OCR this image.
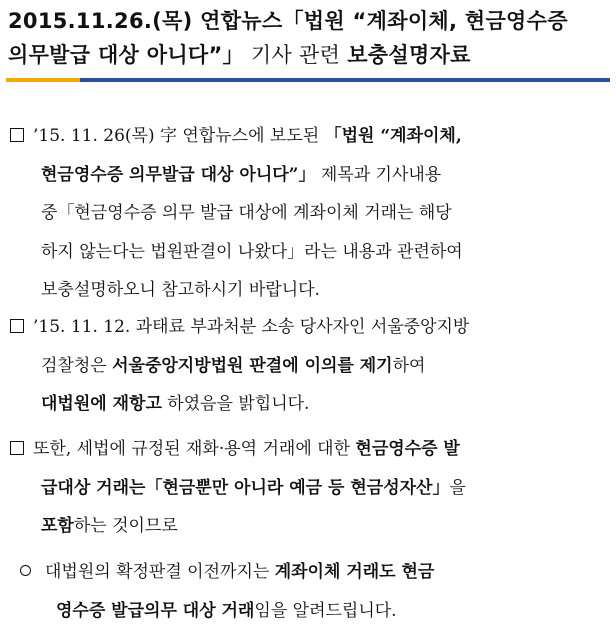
2015.11.26.(목) 연합뉴스「법원 “계좌이체, 현금영수증
의무발급 대상 아니다”」 기사 관련 보충설명자료
’15. 11. 26(목) 字 연합뉴스에 보도된 「법원 “계좌이체,
현금영수증 의무발급 대상 아니다”」 제목과 기사내용
중「현금영수증 의무 발급 대상에 계좌이체 거래는 해당
하지 않는다는 법원판결이 나왔다」라는 내용과 관련하여
보충설명하오니 참고하시기 바랍니다.
’15. 11. 12. 과태료 부과처분 소송 당사자인 서울중앙지방
검찰청은 서울중앙지방법원 판결에 이의를 제기하여
대법원에 재항고 하였음을 밝힙니다.
또한, 세법에 규정된 재화·용역 거래에 대한 현금영수증 발
급대상 거래는「현금뿐만 아니라 예금 등 현금성자산」을
포함하는 것이므로
대법원의 확정판결 이전까지는 계좌이체 거래도 현금
영수증 발급의무 대상 거래임을 알려드립니다.
